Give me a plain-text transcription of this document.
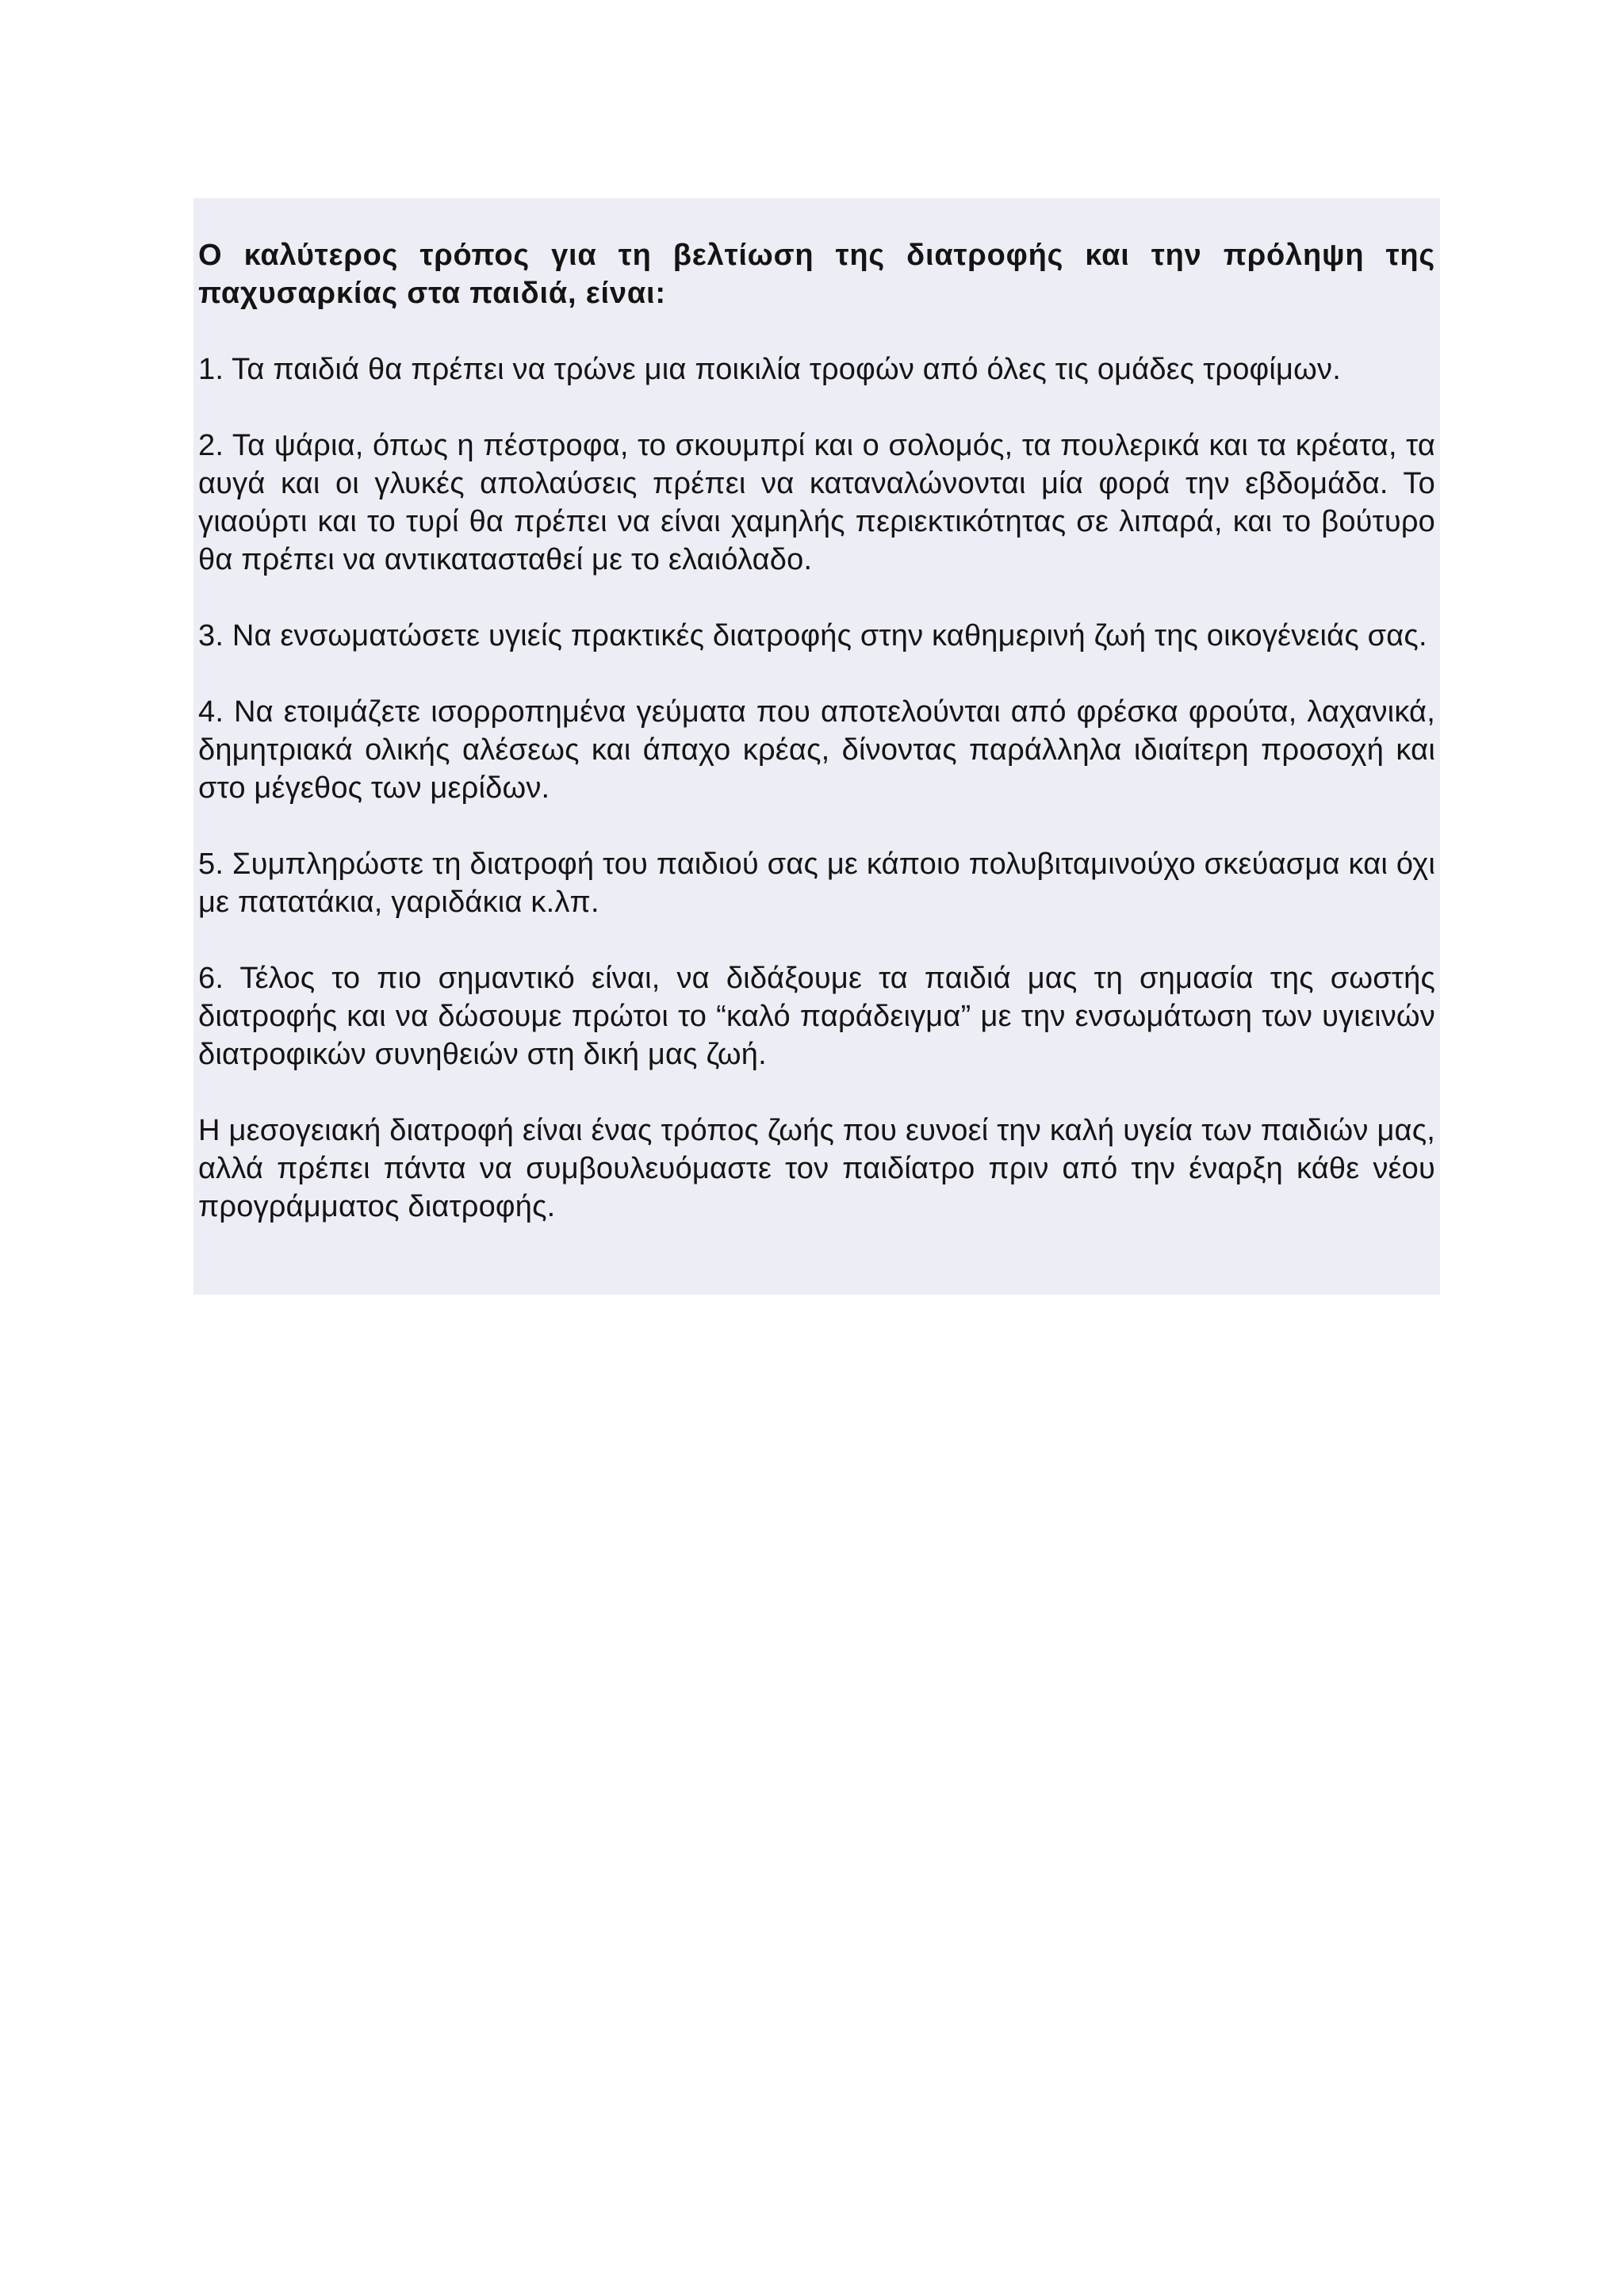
Ο καλύτερος τρόπος για τη βελτίωση της διατροφής και την πρόληψη της παχυσαρκίας στα παιδιά, είναι:

1. Τα παιδιά θα πρέπει να τρώνε μια ποικιλία τροφών από όλες τις ομάδες τροφίμων.

2. Τα ψάρια, όπως η πέστροφα, το σκουμπρί και ο σολομός, τα πουλερικά και τα κρέατα, τα αυγά και οι γλυκές απολαύσεις πρέπει να καταναλώνονται μία φορά την εβδομάδα. Το γιαούρτι και το τυρί θα πρέπει να είναι χαμηλής περιεκτικότητας σε λιπαρά, και το βούτυρο θα πρέπει να αντικατασταθεί με το ελαιόλαδο.

3. Να ενσωματώσετε υγιείς πρακτικές διατροφής στην καθημερινή ζωή της οικογένειάς σας.

4. Να ετοιμάζετε ισορροπημένα γεύματα που αποτελούνται από φρέσκα φρούτα, λαχανικά, δημητριακά ολικής αλέσεως και άπαχο κρέας, δίνοντας παράλληλα ιδιαίτερη προσοχή και στο μέγεθος των μερίδων.

5. Συμπληρώστε τη διατροφή του παιδιού σας με κάποιο πολυβιταμινούχο σκεύασμα και όχι με πατατάκια, γαριδάκια κ.λπ.

6. Τέλος το πιο σημαντικό είναι, να διδάξουμε τα παιδιά μας τη σημασία της σωστής διατροφής και να δώσουμε πρώτοι το “καλό παράδειγμα” με την ενσωμάτωση των υγιεινών διατροφικών συνηθειών στη δική μας ζωή.

Η μεσογειακή διατροφή είναι ένας τρόπος ζωής που ευνοεί την καλή υγεία των παιδιών μας, αλλά πρέπει πάντα να συμβουλευόμαστε τον παιδίατρο πριν από την έναρξη κάθε νέου προγράμματος διατροφής.
